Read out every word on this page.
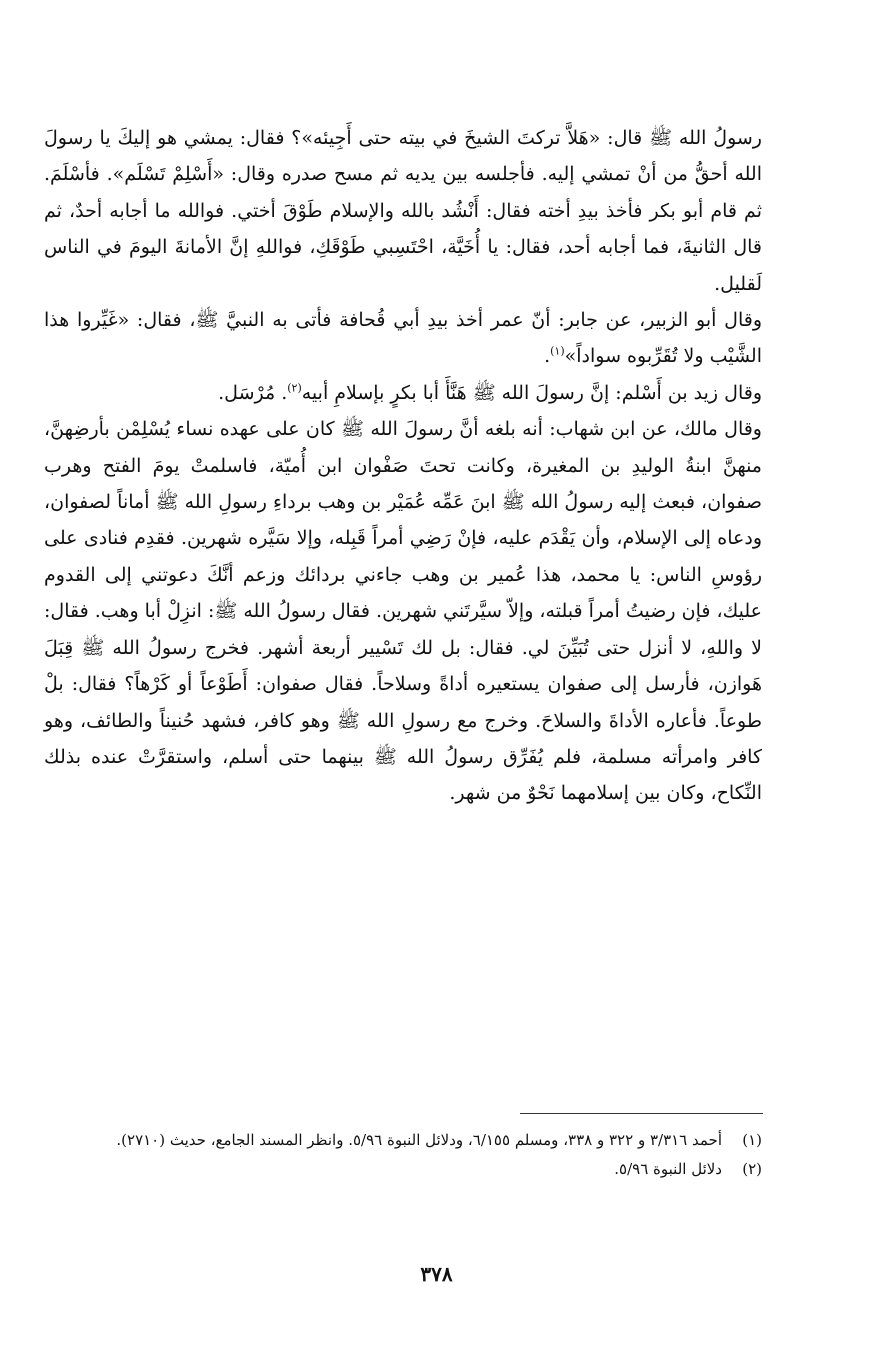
رسولُ الله ﷺ قال: «هَلاَّ تركتَ الشيخَ في بيته حتى أَجِيئه»؟ فقال: يمشي هو إليكَ يا رسولَ الله أحقُّ من أنْ تمشي إليه. فأجلسه بين يديه ثم مسح صدره وقال: «أَسْلِمْ تَسْلَم». فأسْلَمَ. ثم قام أبو بكر فأخذ بيدِ أخته فقال: أَنْشُد بالله والإسلام طَوْقَ أختي. فوالله ما أجابه أحدٌ، ثم قال الثانيةَ، فما أجابه أحد، فقال: يا أُخَيَّة، احْتَسِبي طَوْقَكِ، فواللهِ إنَّ الأمانةَ اليومَ في الناس لَقليل.

وقال أبو الزبير، عن جابر: أنّ عمر أخذ بيدِ أبي قُحافة فأتى به النبيَّ ﷺ، فقال: «غَيِّروا هذا الشَّيْب ولا تُقَرِّبوه سواداً»$^{(١)}$.

وقال زيد بن أَسْلم: إنَّ رسولَ الله ﷺ هَنَّأَ أبا بكرٍ بإسلامِ أبيه$^{(٢)}$. مُرْسَل.

وقال مالك، عن ابن شهاب: أنه بلغه أنَّ رسولَ الله ﷺ كان على عهده نساء يُسْلِمْن بأرضِهنَّ، منهنَّ ابنةُ الوليدِ بن المغيرة، وكانت تحتَ صَفْوان ابن أُميّة، فاسلمتْ يومَ الفتح وهرب صفوان، فبعث إليه رسولُ الله ﷺ ابنَ عَمِّه عُمَيْر بن وهب برداءِ رسولِ الله ﷺ أماناً لصفوان، ودعاه إلى الإسلام، وأن يَقْدَم عليه، فإنْ رَضِي أمراً قَبِله، وإلا سَيَّره شهرين. فقدِم فنادى على رؤوسِ الناس: يا محمد، هذا عُمير بن وهب جاءني بردائك وزعم أنَّكَ دعوتني إلى القدوم عليك، فإن رضيتُ أمراً قبلته، وإلاّ سيَّرتَني شهرين. فقال رسولُ الله ﷺ: انزِلْ أبا وهب. فقال: لا واللهِ، لا أنزل حتى تُبَيِّنَ لي. فقال: بل لك تَسْيير أربعة أشهر. فخرج رسولُ الله ﷺ قِبَلَ هَوازن، فأرسل إلى صفوان يستعيره أداةً وسلاحاً. فقال صفوان: أَطَوْعاً أو كَرْهاً؟ فقال: بلْ طوعاً. فأعاره الأداةَ والسلاحَ. وخرج مع رسولِ الله ﷺ وهو كافر، فشهد حُنيناً والطائف، وهو كافر وامرأته مسلمة، فلم يُفَرِّق رسولُ الله ﷺ بينهما حتى أسلم، واستقرَّتْ عنده بذلك النِّكاح، وكان بين إسلامهما نَحْوٌ من شهر.

(١)
أحمد ٣/٣١٦ و ٣٢٢ و ٣٣٨، ومسلم ٦/١٥٥، ودلائل النبوة ٥/٩٦. وانظر المسند الجامع، حديث (٢٧١٠).
(٢)
دلائل النبوة ٥/٩٦.
٣٧٨
